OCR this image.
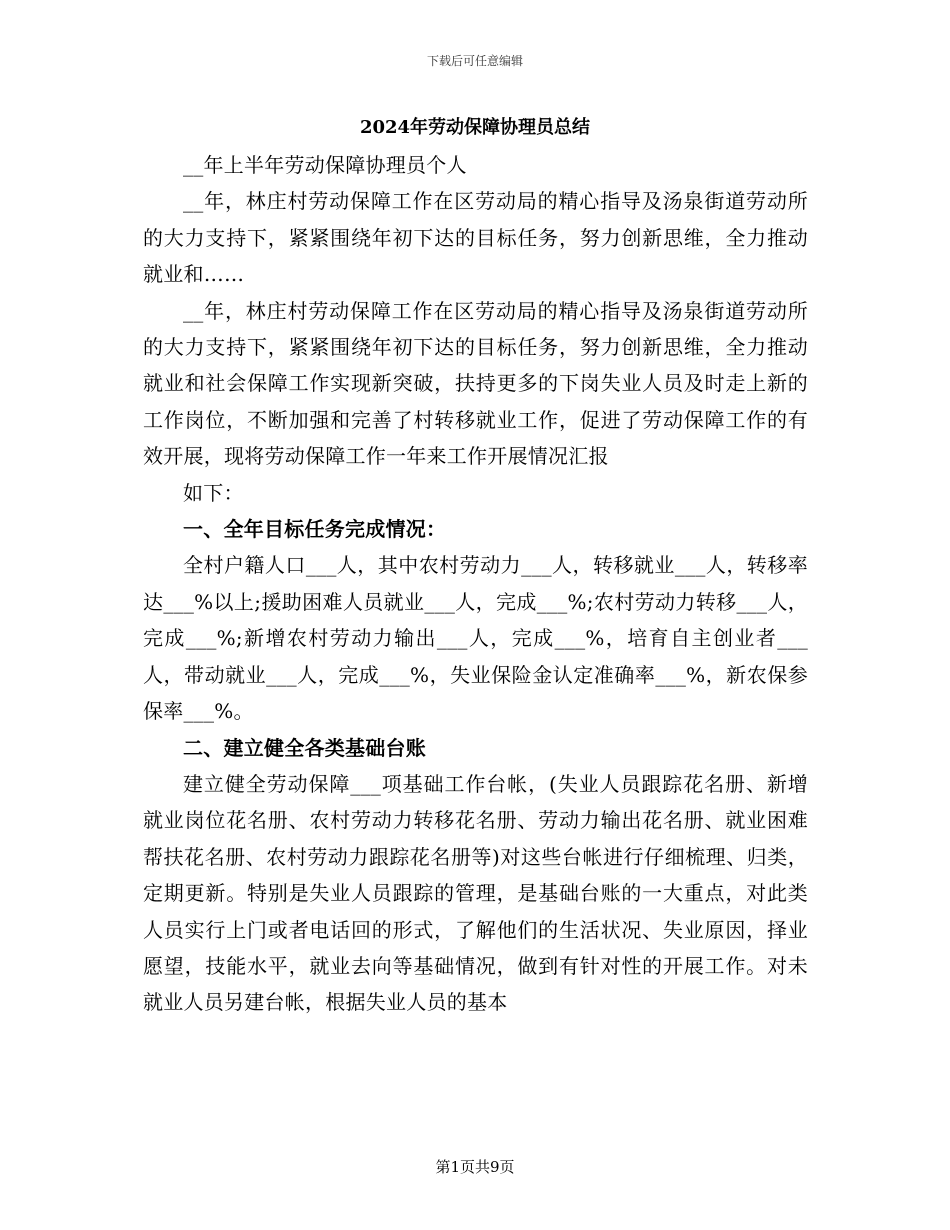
下载后可任意编辑
2024年劳动保障协理员总结

__年上半年劳动保障协理员个人

__年，林庄村劳动保障工作在区劳动局的精心指导及汤泉街道劳动所的大力支持下，紧紧围绕年初下达的目标任务，努力创新思维，全力推动就业和……

__年，林庄村劳动保障工作在区劳动局的精心指导及汤泉街道劳动所的大力支持下，紧紧围绕年初下达的目标任务，努力创新思维，全力推动就业和社会保障工作实现新突破，扶持更多的下岗失业人员及时走上新的工作岗位，不断加强和完善了村转移就业工作，促进了劳动保障工作的有效开展，现将劳动保障工作一年来工作开展情况汇报

如下：

一、全年目标任务完成情况：

全村户籍人口___人，其中农村劳动力___人，转移就业___人，转移率达___%以上;援助困难人员就业___人，完成___%;农村劳动力转移___人，完成___%;新增农村劳动力输出___人，完成___%，培育自主创业者___人，带动就业___人，完成___%，失业保险金认定准确率___%，新农保参保率___%。

二、建立健全各类基础台账

建立健全劳动保障___项基础工作台帐，(失业人员跟踪花名册、新增就业岗位花名册、农村劳动力转移花名册、劳动力输出花名册、就业困难帮扶花名册、农村劳动力跟踪花名册等)对这些台帐进行仔细梳理、归类，定期更新。特别是失业人员跟踪的管理，是基础台账的一大重点，对此类人员实行上门或者电话回的形式，了解他们的生活状况、失业原因，择业愿望，技能水平，就业去向等基础情况，做到有针对性的开展工作。对未就业人员另建台帐，根据失业人员的基本

第1页共9页
